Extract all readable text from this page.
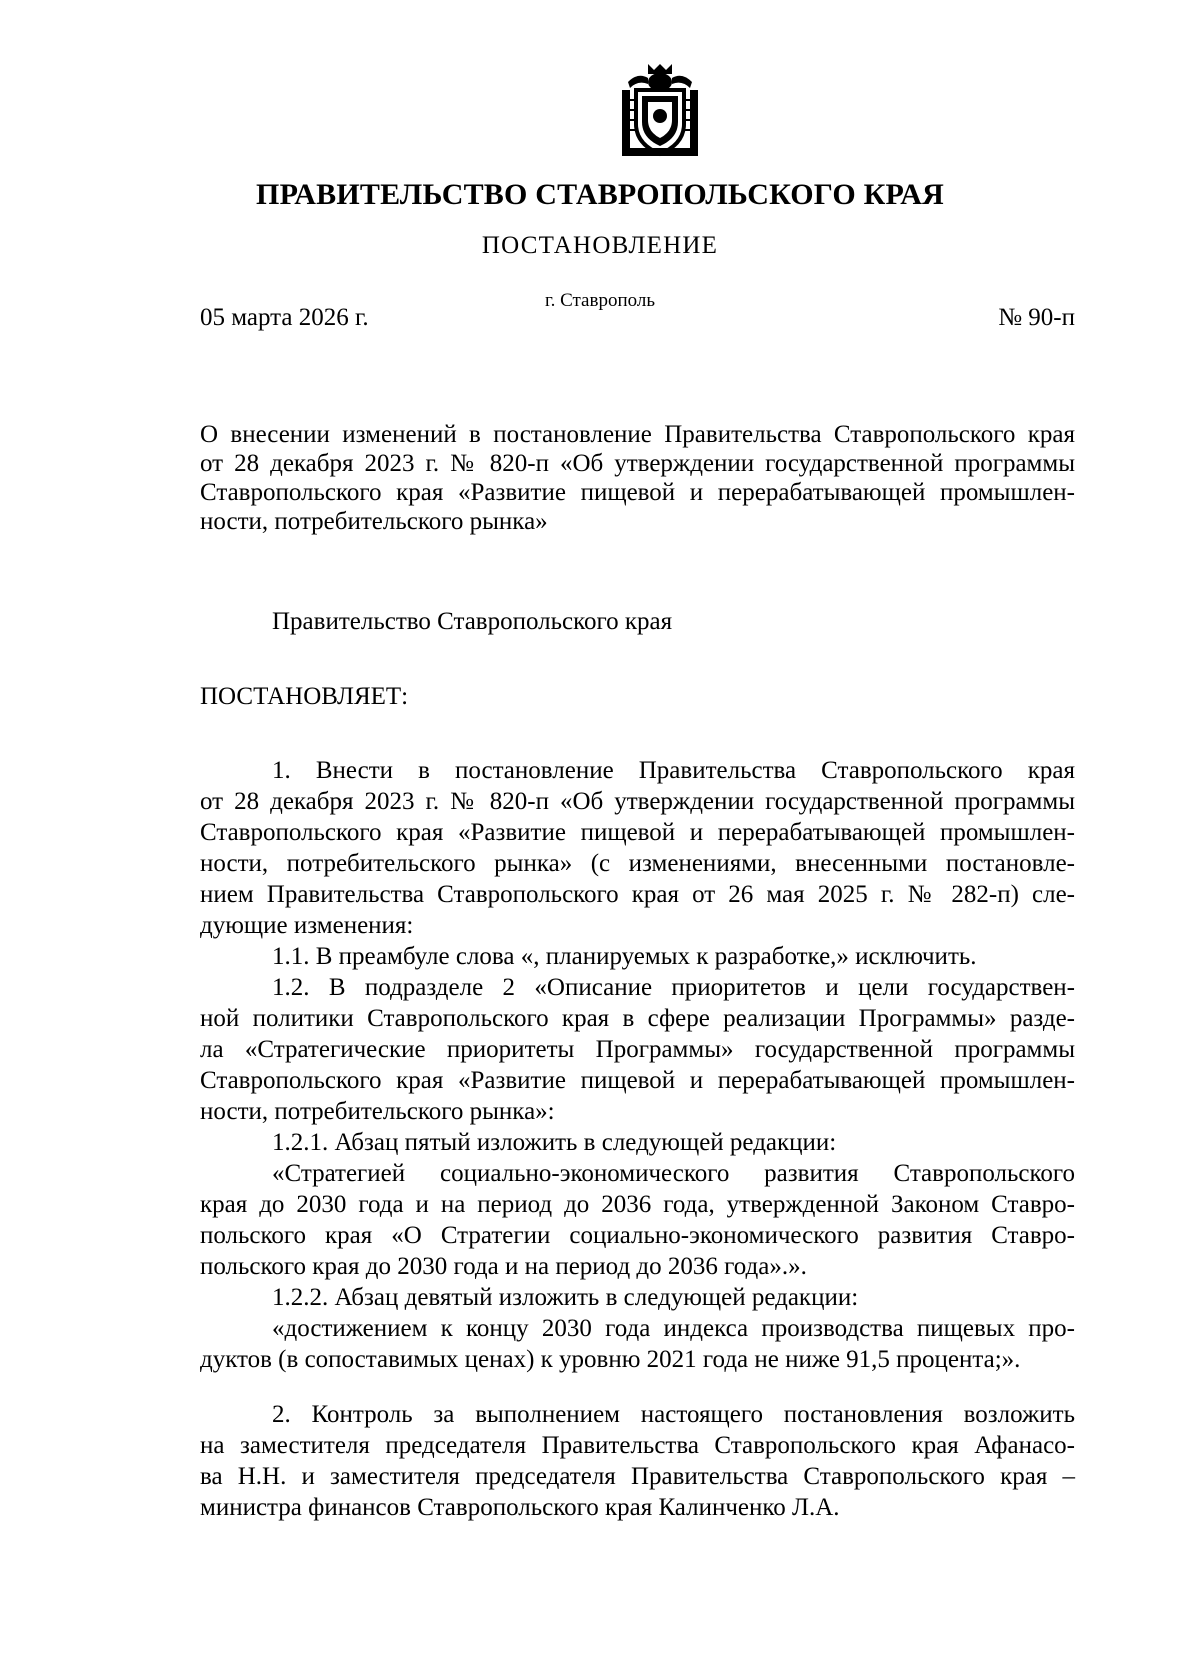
ПРАВИТЕЛЬСТВО СТАВРОПОЛЬСКОГО КРАЯ
ПОСТАНОВЛЕНИЕ
05 марта 2026 г.
г. Ставрополь
№ 90-п
О внесении изменений в постановление Правительства Ставропольского края
от 28 декабря 2023 г. № 820-п «Об утверждении государственной программы
Ставропольского края «Развитие пищевой и перерабатывающей промышлен-
ности, потребительского рынка»
Правительство Ставропольского края
ПОСТАНОВЛЯЕТ:
1. Внести в постановление Правительства Ставропольского края
от 28 декабря 2023 г. № 820-п «Об утверждении государственной программы
Ставропольского края «Развитие пищевой и перерабатывающей промышлен-
ности, потребительского рынка» (с изменениями, внесенными постановле-
нием Правительства Ставропольского края от 26 мая 2025 г. № 282-п) сле-
дующие изменения:
1.1. В преамбуле слова «, планируемых к разработке,» исключить.
1.2. В подразделе 2 «Описание приоритетов и цели государствен-
ной политики Ставропольского края в сфере реализации Программы» разде-
ла «Стратегические приоритеты Программы» государственной программы
Ставропольского края «Развитие пищевой и перерабатывающей промышлен-
ности, потребительского рынка»:
1.2.1. Абзац пятый изложить в следующей редакции:
«Стратегией социально-экономического развития Ставропольского
края до 2030 года и на период до 2036 года, утвержденной Законом Ставро-
польского края «О Стратегии социально-экономического развития Ставро-
польского края до 2030 года и на период до 2036 года».».
1.2.2. Абзац девятый изложить в следующей редакции:
«достижением к концу 2030 года индекса производства пищевых про-
дуктов (в сопоставимых ценах) к уровню 2021 года не ниже 91,5 процента;».
2. Контроль за выполнением настоящего постановления возложить
на заместителя председателя Правительства Ставропольского края Афанасо-
ва Н.Н. и заместителя председателя Правительства Ставропольского края –
министра финансов Ставропольского края Калинченко Л.А.
